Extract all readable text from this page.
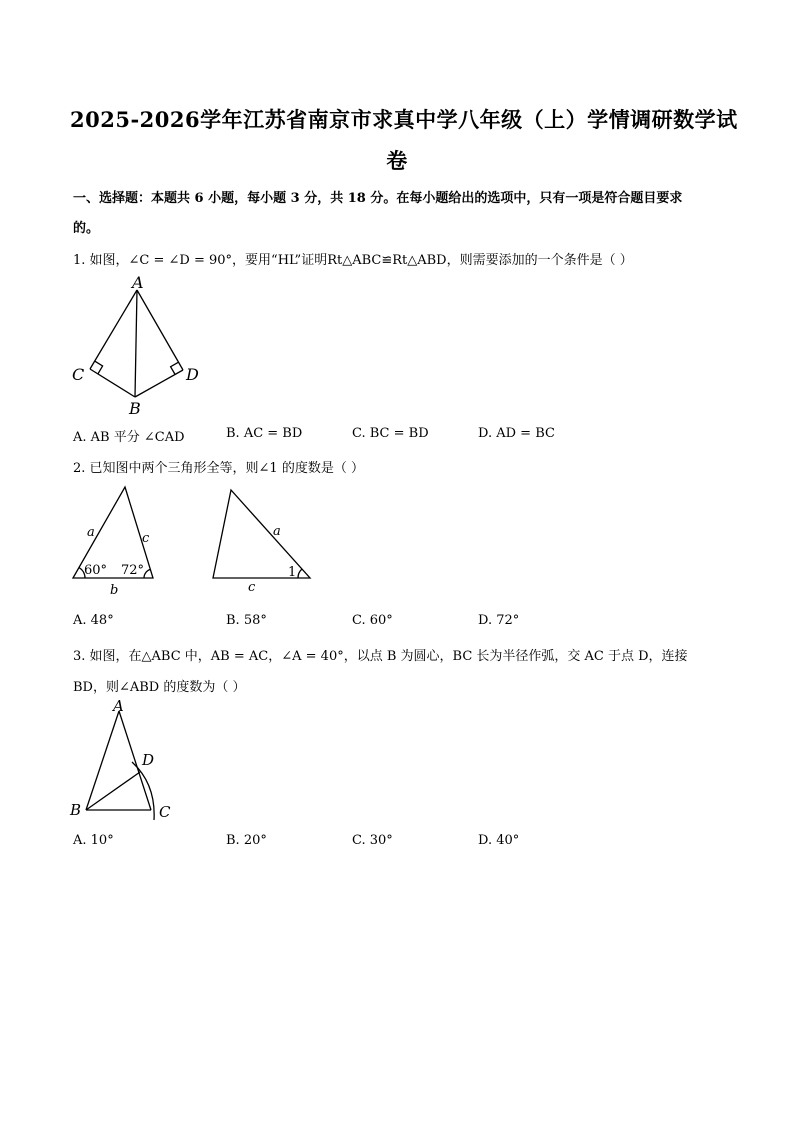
2025-2026学年江苏省南京市求真中学八年级（上）学情调研数学试
卷
一、选择题：本题共 6 小题，每小题 3 分，共 18 分。在每小题给出的选项中，只有一项是符合题目要求
的。
1. 如图，∠C = ∠D = 90°，要用“HL”证明Rt△ABC≌Rt△ABD，则需要添加的一个条件是（ ）
A
C	D
B
A. AB 平分 ∠CAD	B. AC = BD	C. BC = BD	D. AD = BC
2. 已知图中两个三角形全等，则∠1 的度数是（ ）
a	c
b
60° 72°
a
c
1
A. 48°	B. 58°	C. 60°	D. 72°
3. 如图，在△ABC 中，AB = AC，∠A = 40°，以点 B 为圆心，BC 长为半径作弧，交 AC 于点 D，连接
BD，则∠ABD 的度数为（ ）
A
D
B	C
A. 10°	B. 20°	C. 30°	D. 40°
